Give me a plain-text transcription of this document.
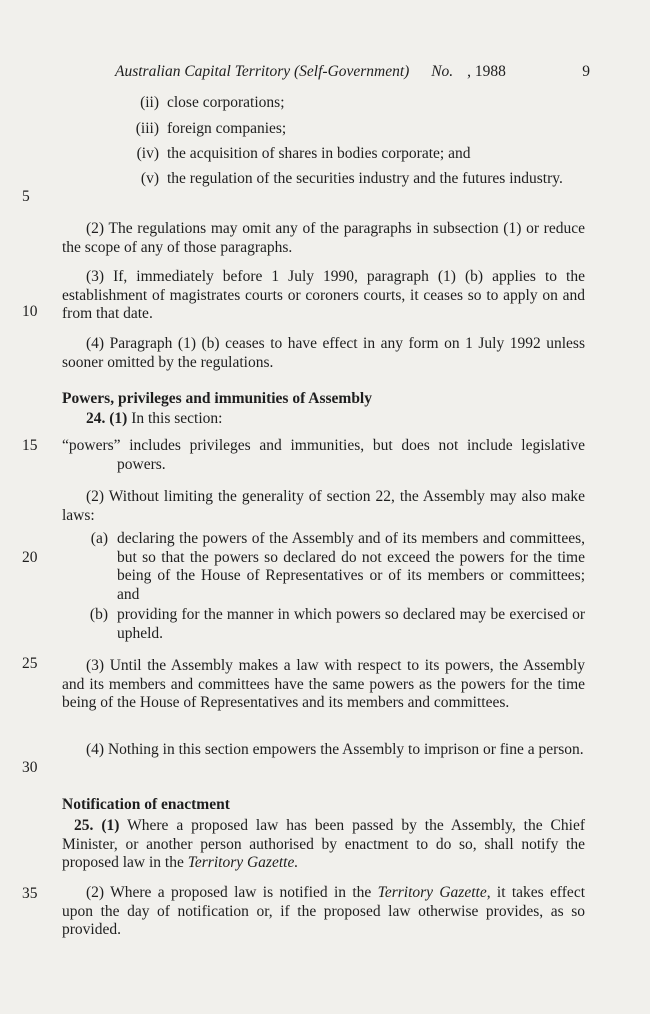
Australian Capital Territory (Self-Government) No. , 1988	9
5
10
15
20
25
30
35
(ii) close corporations;
(iii) foreign companies;
(iv) the acquisition of shares in bodies corporate; and
(v) the regulation of the securities industry and the futures industry.
(2) The regulations may omit any of the paragraphs in subsection (1) or reduce the scope of any of those paragraphs.
(3) If, immediately before 1 July 1990, paragraph (1) (b) applies to the establishment of magistrates courts or coroners courts, it ceases so to apply on and from that date.
(4) Paragraph (1) (b) ceases to have effect in any form on 1 July 1992 unless sooner omitted by the regulations.
Powers, privileges and immunities of Assembly
24. (1) In this section:
“powers” includes privileges and immunities, but does not include legislative powers.
(2) Without limiting the generality of section 22, the Assembly may also make laws:
(a) declaring the powers of the Assembly and of its members and committees, but so that the powers so declared do not exceed the powers for the time being of the House of Representatives or of its members or committees; and
(b) providing for the manner in which powers so declared may be exercised or upheld.
(3) Until the Assembly makes a law with respect to its powers, the Assembly and its members and committees have the same powers as the powers for the time being of the House of Representatives and its members and committees.
(4) Nothing in this section empowers the Assembly to imprison or fine a person.
Notification of enactment
25. (1) Where a proposed law has been passed by the Assembly, the Chief Minister, or another person authorised by enactment to do so, shall notify the proposed law in the Territory Gazette.
(2) Where a proposed law is notified in the Territory Gazette, it takes effect upon the day of notification or, if the proposed law otherwise provides, as so provided.
